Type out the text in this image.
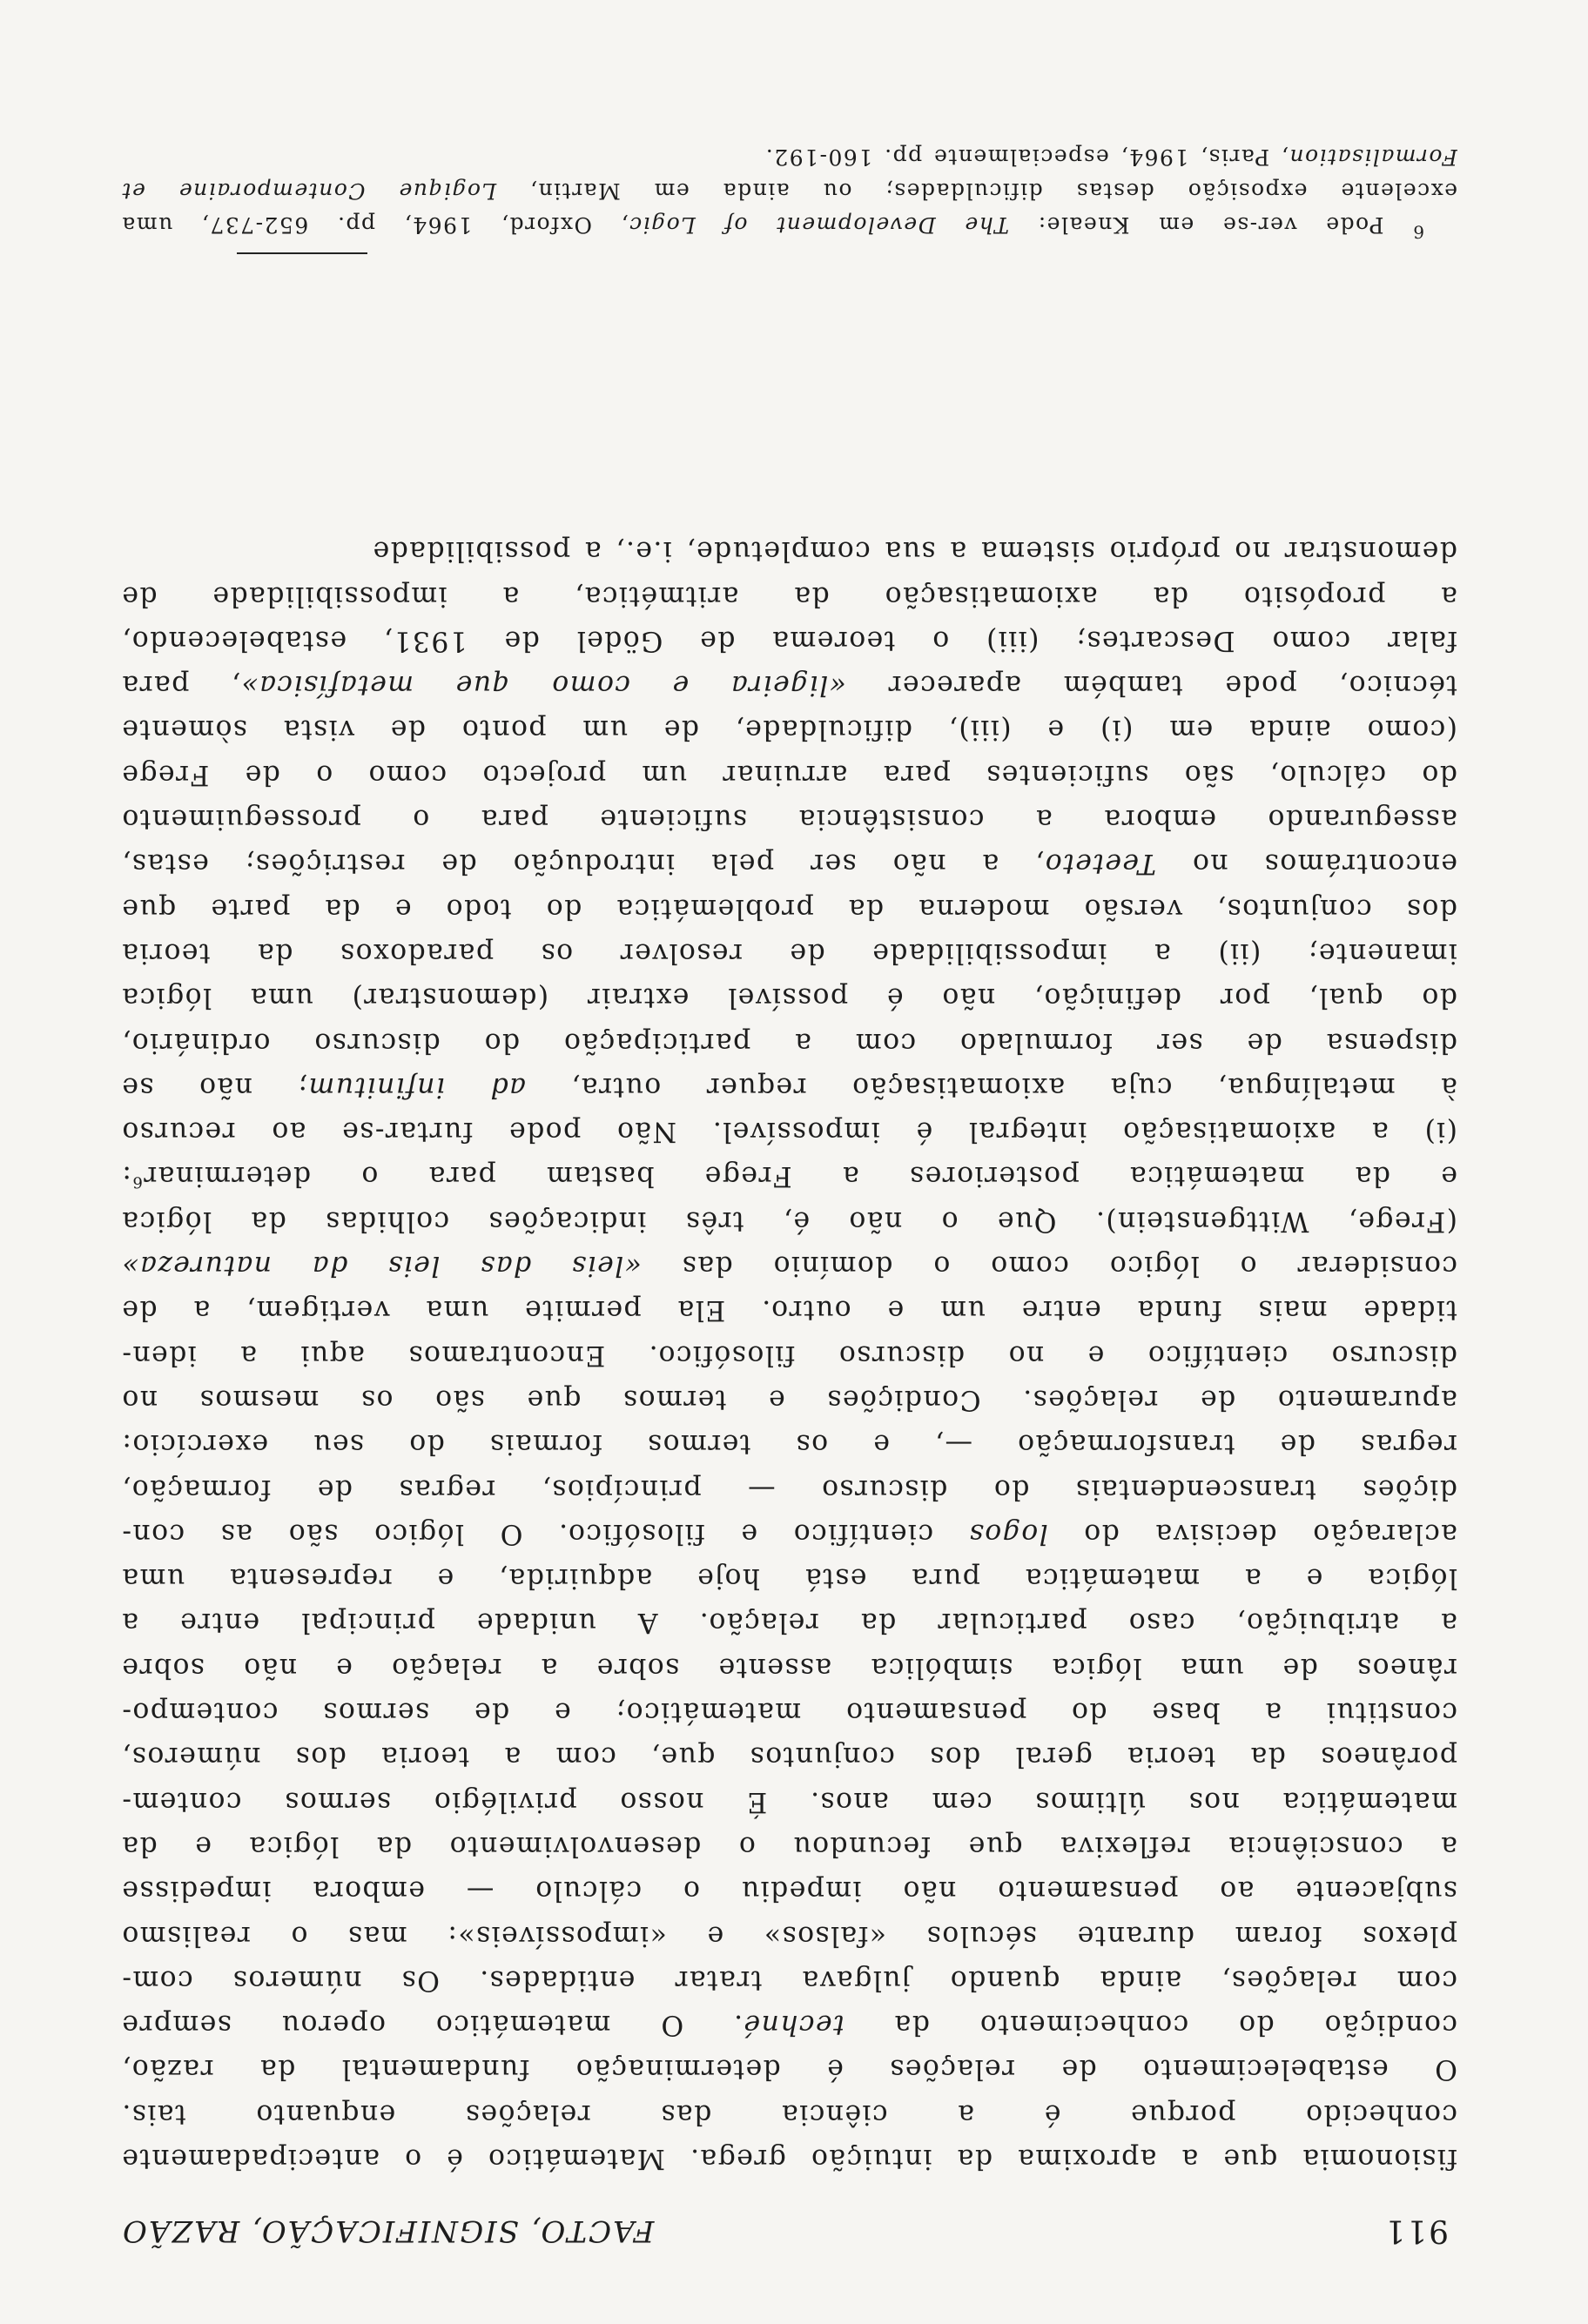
911
FACTO, SIGNIFICAÇÃO, RAZÃO
fisionomia que a aproxima da intuição grega. Matemático é o antecipadamente
conhecido porque é a ciência das relações enquanto tais.
O estabelecimento de relações é determinação fundamental da razão,
condição do conhecimento da techné. O matemático operou sempre
com relações, ainda quando julgava tratar entidades. Os números com-
plexos foram durante séculos «falsos» e «impossíveis»: mas o realismo
subjacente ao pensamento não impediu o cálculo — embora impedisse
a consciência reflexiva que fecundou o desenvolvimento da lógica e da
matemática nos últimos cem anos. É nosso privilégio sermos contem-
porâneos da teoria geral dos conjuntos que, com a teoria dos números,
constitui a base do pensamento matemático; e de sermos contempo-
râneos de uma lógica simbólica assente sobre a relação e não sobre
a atribuição, caso particular da relação. A unidade principal entre a
lógica e a matemática pura está hoje adquirida, e representa uma
aclaração decisiva do logos científico e filosófico. O lógico são as con-
dições transcendentais do discurso — princípios, regras de formação,
regras de transformação —, e os termos formais do seu exercício:
apuramento de relações. Condições e termos que são os mesmos no
discurso científico e no discurso filosófico. Encontramos aqui a iden-
tidade mais funda entre um e outro. Ela permite uma vertigem, a de
considerar o lógico como o domínio das «leis das leis da natureza»
(Frege, Wittgenstein). Que o não é, três indicações colhidas da lógica
e da matemática posteriores a Frege bastam para o determinar$^6$:
(i) a axiomatisação integral é impossível. Não pode furtar-se ao recurso
à metalíngua, cuja axiomatisação requer outra, ad infinitum; não se
dispensa de ser formulado com a participação do discurso ordinário,
do qual, por definição, não é possível extrair (demonstrar) uma lógica
imanente; (ii) a impossibilidade de resolver os paradoxos da teoria
dos conjuntos, versão moderna da problemática do todo e da parte que
encontrámos no Teeteto, a não ser pela introdução de restrições; estas,
assegurando embora a consistência suficiente para o prosseguimento
do cálculo, são suficientes para arruinar um projecto como o de Frege
(como ainda em (i) e (iii), dificuldade, de um ponto de vista sòmente
técnico, pode também aparecer «ligeira e como que metafísica», para
falar como Descartes; (iii) o teorema de Gödel de 1931, estabelecendo,
a propósito da axiomatisação da aritmética, a impossibilidade de
demonstrar no próprio sistema a sua completude, i.e., a possibilidade
$^6$ Pode ver-se em Kneale: The Development of Logic, Oxford, 1964, pp. 652-737, uma
excelente exposição destas dificuldades; ou ainda em Martin, Logique Contemporaine et
Formalisation, Paris, 1964, especialmente pp. 160-192.
